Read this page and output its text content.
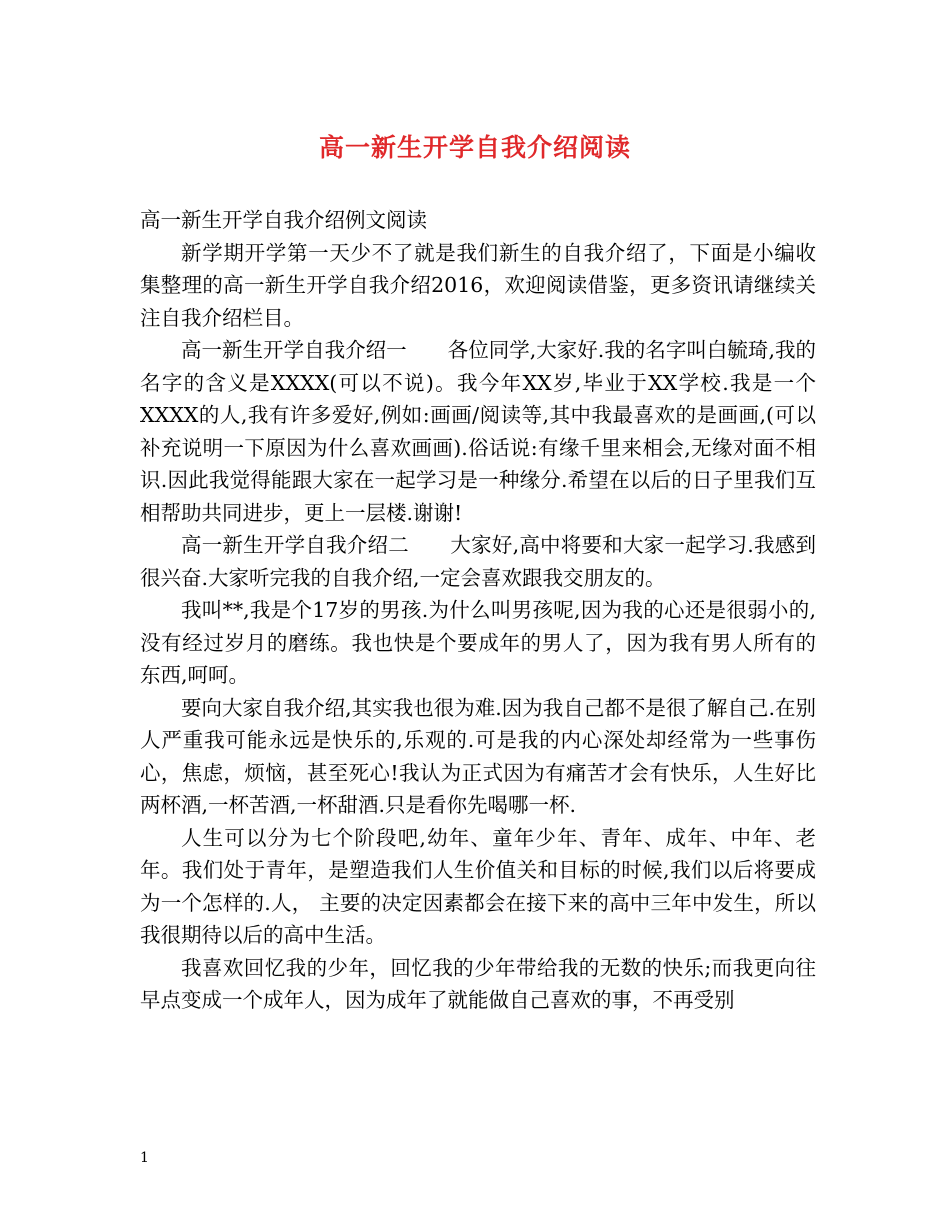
高一新生开学自我介绍阅读

高一新生开学自我介绍例文阅读

新学期开学第一天少不了就是我们新生的自我介绍了，下面是小编收集整理的高一新生开学自我介绍2016，欢迎阅读借鉴，更多资讯请继续关注自我介绍栏目。

高一新生开学自我介绍一　　各位同学,大家好.我的名字叫白毓琦,我的名字的含义是XXXX(可以不说)。我今年XX岁,毕业于XX学校.我是一个XXXX的人,我有许多爱好,例如:画画/阅读等,其中我最喜欢的是画画,(可以补充说明一下原因为什么喜欢画画).俗话说:有缘千里来相会,无缘对面不相识.因此我觉得能跟大家在一起学习是一种缘分.希望在以后的日子里我们互相帮助共同进步，更上一层楼.谢谢!

高一新生开学自我介绍二　　大家好,高中将要和大家一起学习.我感到很兴奋.大家听完我的自我介绍,一定会喜欢跟我交朋友的。

我叫**,我是个17岁的男孩.为什么叫男孩呢,因为我的心还是很弱小的,没有经过岁月的磨练。我也快是个要成年的男人了，因为我有男人所有的东西,呵呵。

要向大家自我介绍,其实我也很为难.因为我自己都不是很了解自己.在别人严重我可能永远是快乐的,乐观的.可是我的内心深处却经常为一些事伤心，焦虑，烦恼，甚至死心!我认为正式因为有痛苦才会有快乐，人生好比两杯酒,一杯苦酒,一杯甜酒.只是看你先喝哪一杯.

人生可以分为七个阶段吧,幼年、童年少年、青年、成年、中年、老年。我们处于青年，是塑造我们人生价值关和目标的时候,我们以后将要成为一个怎样的.人， 主要的决定因素都会在接下来的高中三年中发生，所以我很期待以后的高中生活。

我喜欢回忆我的少年，回忆我的少年带给我的无数的快乐;而我更向往早点变成一个成年人，因为成年了就能做自己喜欢的事，不再受别

1
